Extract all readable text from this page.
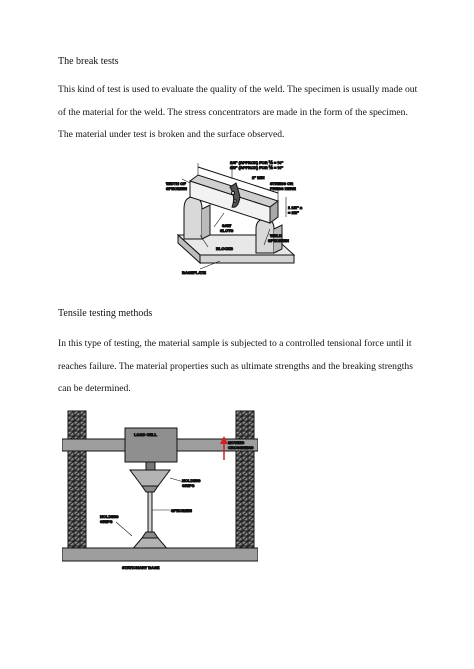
The break tests

This kind of test is used to evaluate the quality of the weld. The specimen is usually made out
of the material for the weld. The stress concentrators are made in the form of the specimen.
The material under test is broken and the surface observed.

1/4" (APPROX) FOR ⅕ = ¹⁄₈"
3/8" (APPROX) FOR ⅕ = ¹⁄₆"
2" MIN
WIDTH OF
SPECIMEN
STRESS OR
PRESS HERE
1 1/2" ±
= 1/2"
SAW
SLOTS
BLOCKS
WELD
SPECIMEN
BASEPLATE
Tensile testing methods

In this type of testing, the material sample is subjected to a controlled tensional force until it
reaches failure. The material properties such as ultimate strengths and the breaking strengths
can be determined.

LOAD CELL
MOVING
CROSSHEAD
HOLDING
GRIPS
SPECIMEN
HOLDING
GRIPS
STATIONARY BASE
